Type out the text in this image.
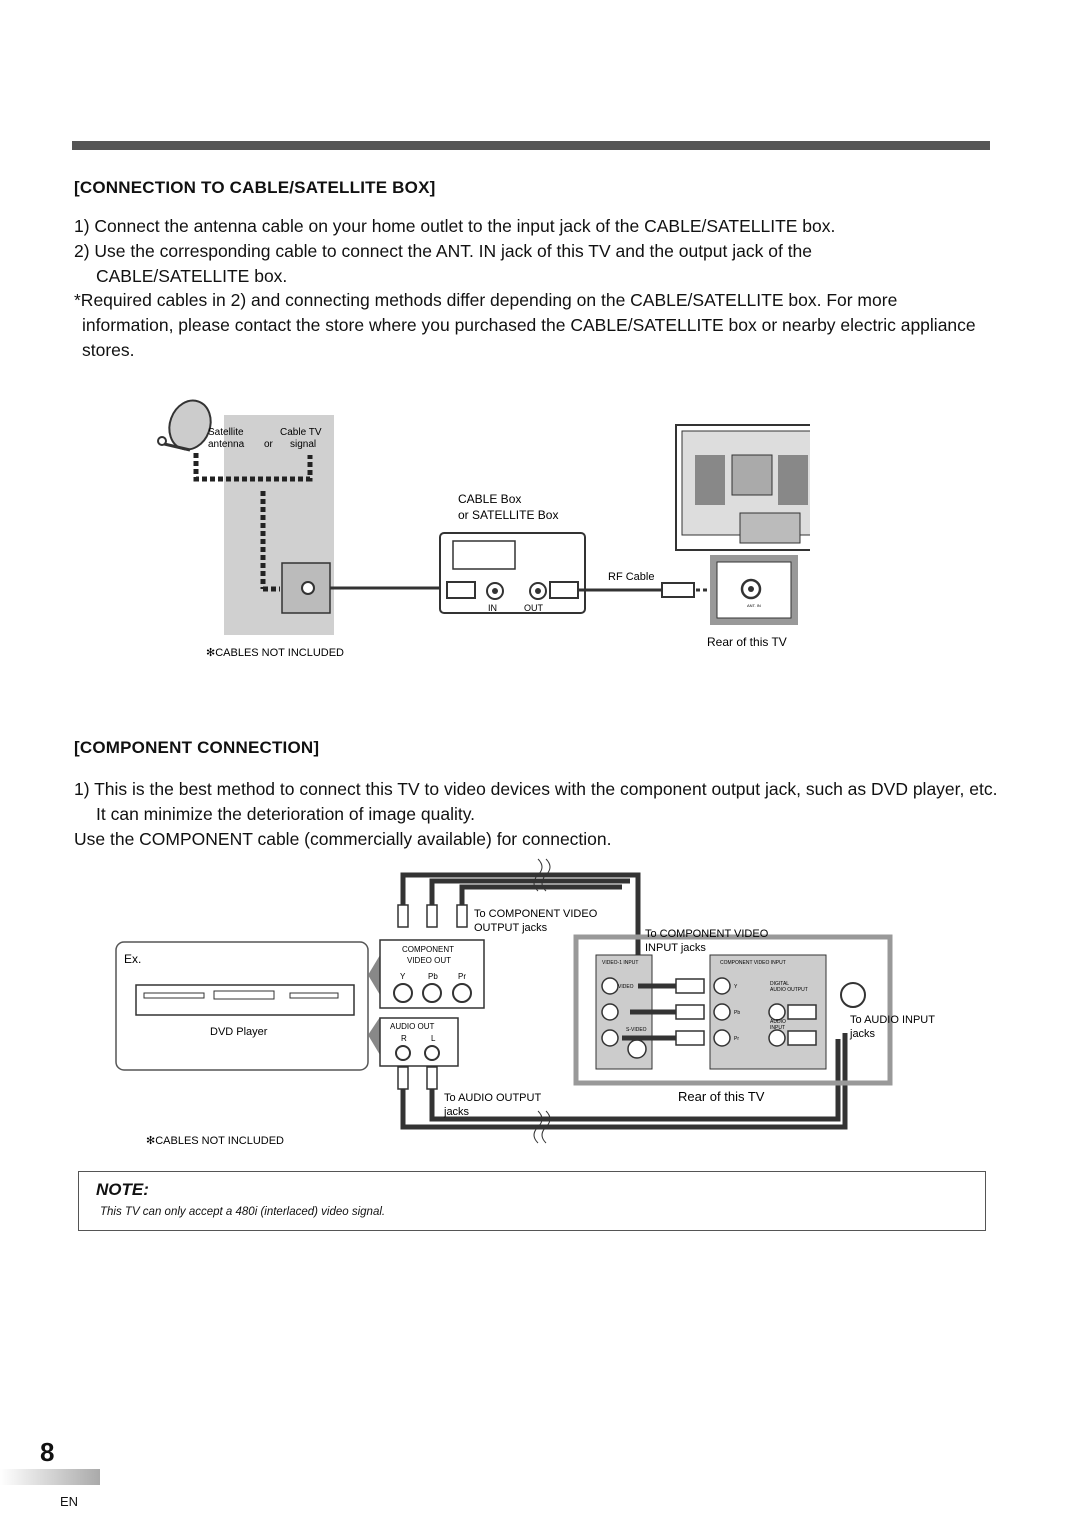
[CONNECTION TO CABLE/SATELLITE BOX]
1) Connect the antenna cable on your home outlet to the input jack of the CABLE/SATELLITE box.
2) Use the corresponding cable to connect the ANT. IN jack of this TV and the output jack of the CABLE/SATELLITE box.
*Required cables in 2) and connecting methods differ depending on the CABLE/SATELLITE box. For more information, please contact the store where you purchased the CABLE/SATELLITE box or nearby electric appliance stores.
Satellite
antenna or
Cable TV
signal
IN	OUT
CABLE Box
or SATELLITE Box
RF Cable
ANT. IN
Rear of this TV
✻CABLES NOT INCLUDED
[COMPONENT CONNECTION]
1) This is the best method to connect this TV to video devices with the component output jack, such as DVD player, etc. It can minimize the deterioration of image quality.
Use the COMPONENT cable (commercially available) for connection.
Ex.
DVD Player
COMPONENT
VIDEO OUT
Y	Pb	Pr
AUDIO OUT
R	L
To COMPONENT VIDEO
OUTPUT jacks
To AUDIO OUTPUT
jacks
✻CABLES NOT INCLUDED
VIDEO-1 INPUT	COMPONENT VIDEO INPUT
VIDEO
S-VIDEO
Y
Pb
Pr
DIGITAL
AUDIO OUTPUT
AUDIO
INPUT
To COMPONENT VIDEO
INPUT jacks
To AUDIO INPUT
jacks
Rear of this TV
NOTE:
This TV can only accept a 480i (interlaced) video signal.
8
EN
